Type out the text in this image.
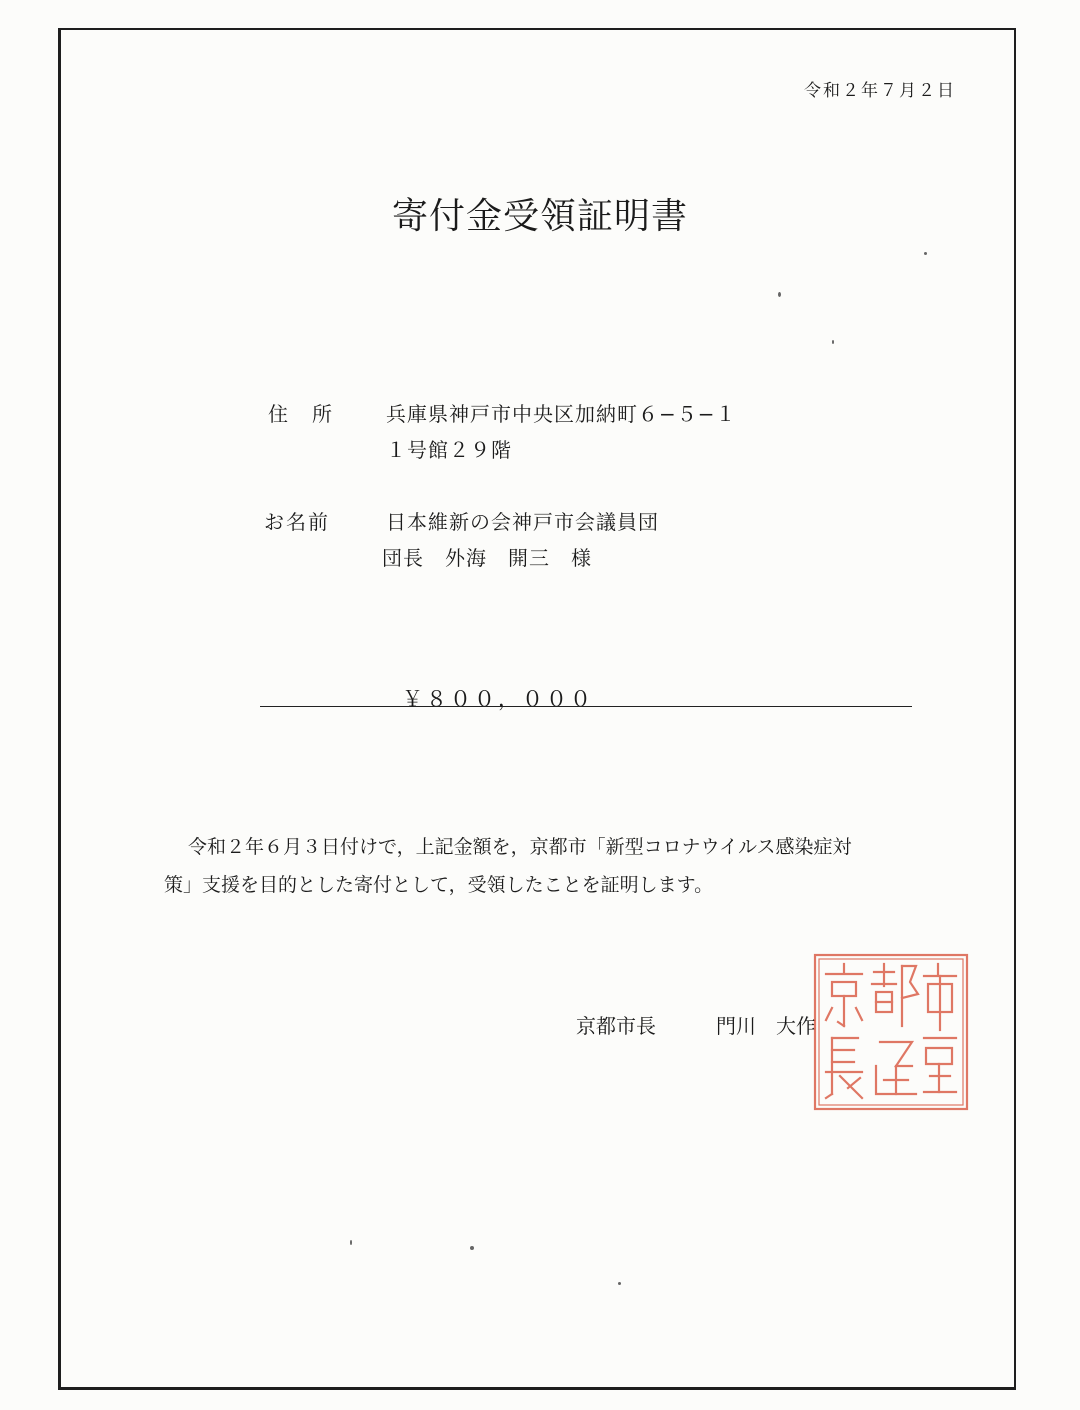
令和２年７月２日
寄付金受領証明書
住　所	兵庫県神戸市中央区加納町６−５−１
１号館２９階
お名前	日本維新の会神戸市会議員団
団長　外海　開三　様
￥８００，０００

令和２年６月３日付けで，上記金額を，京都市「新型コロナウイルス感染症対

策」支援を目的とした寄付として，受領したことを証明します。

京都市長	門川　大作
